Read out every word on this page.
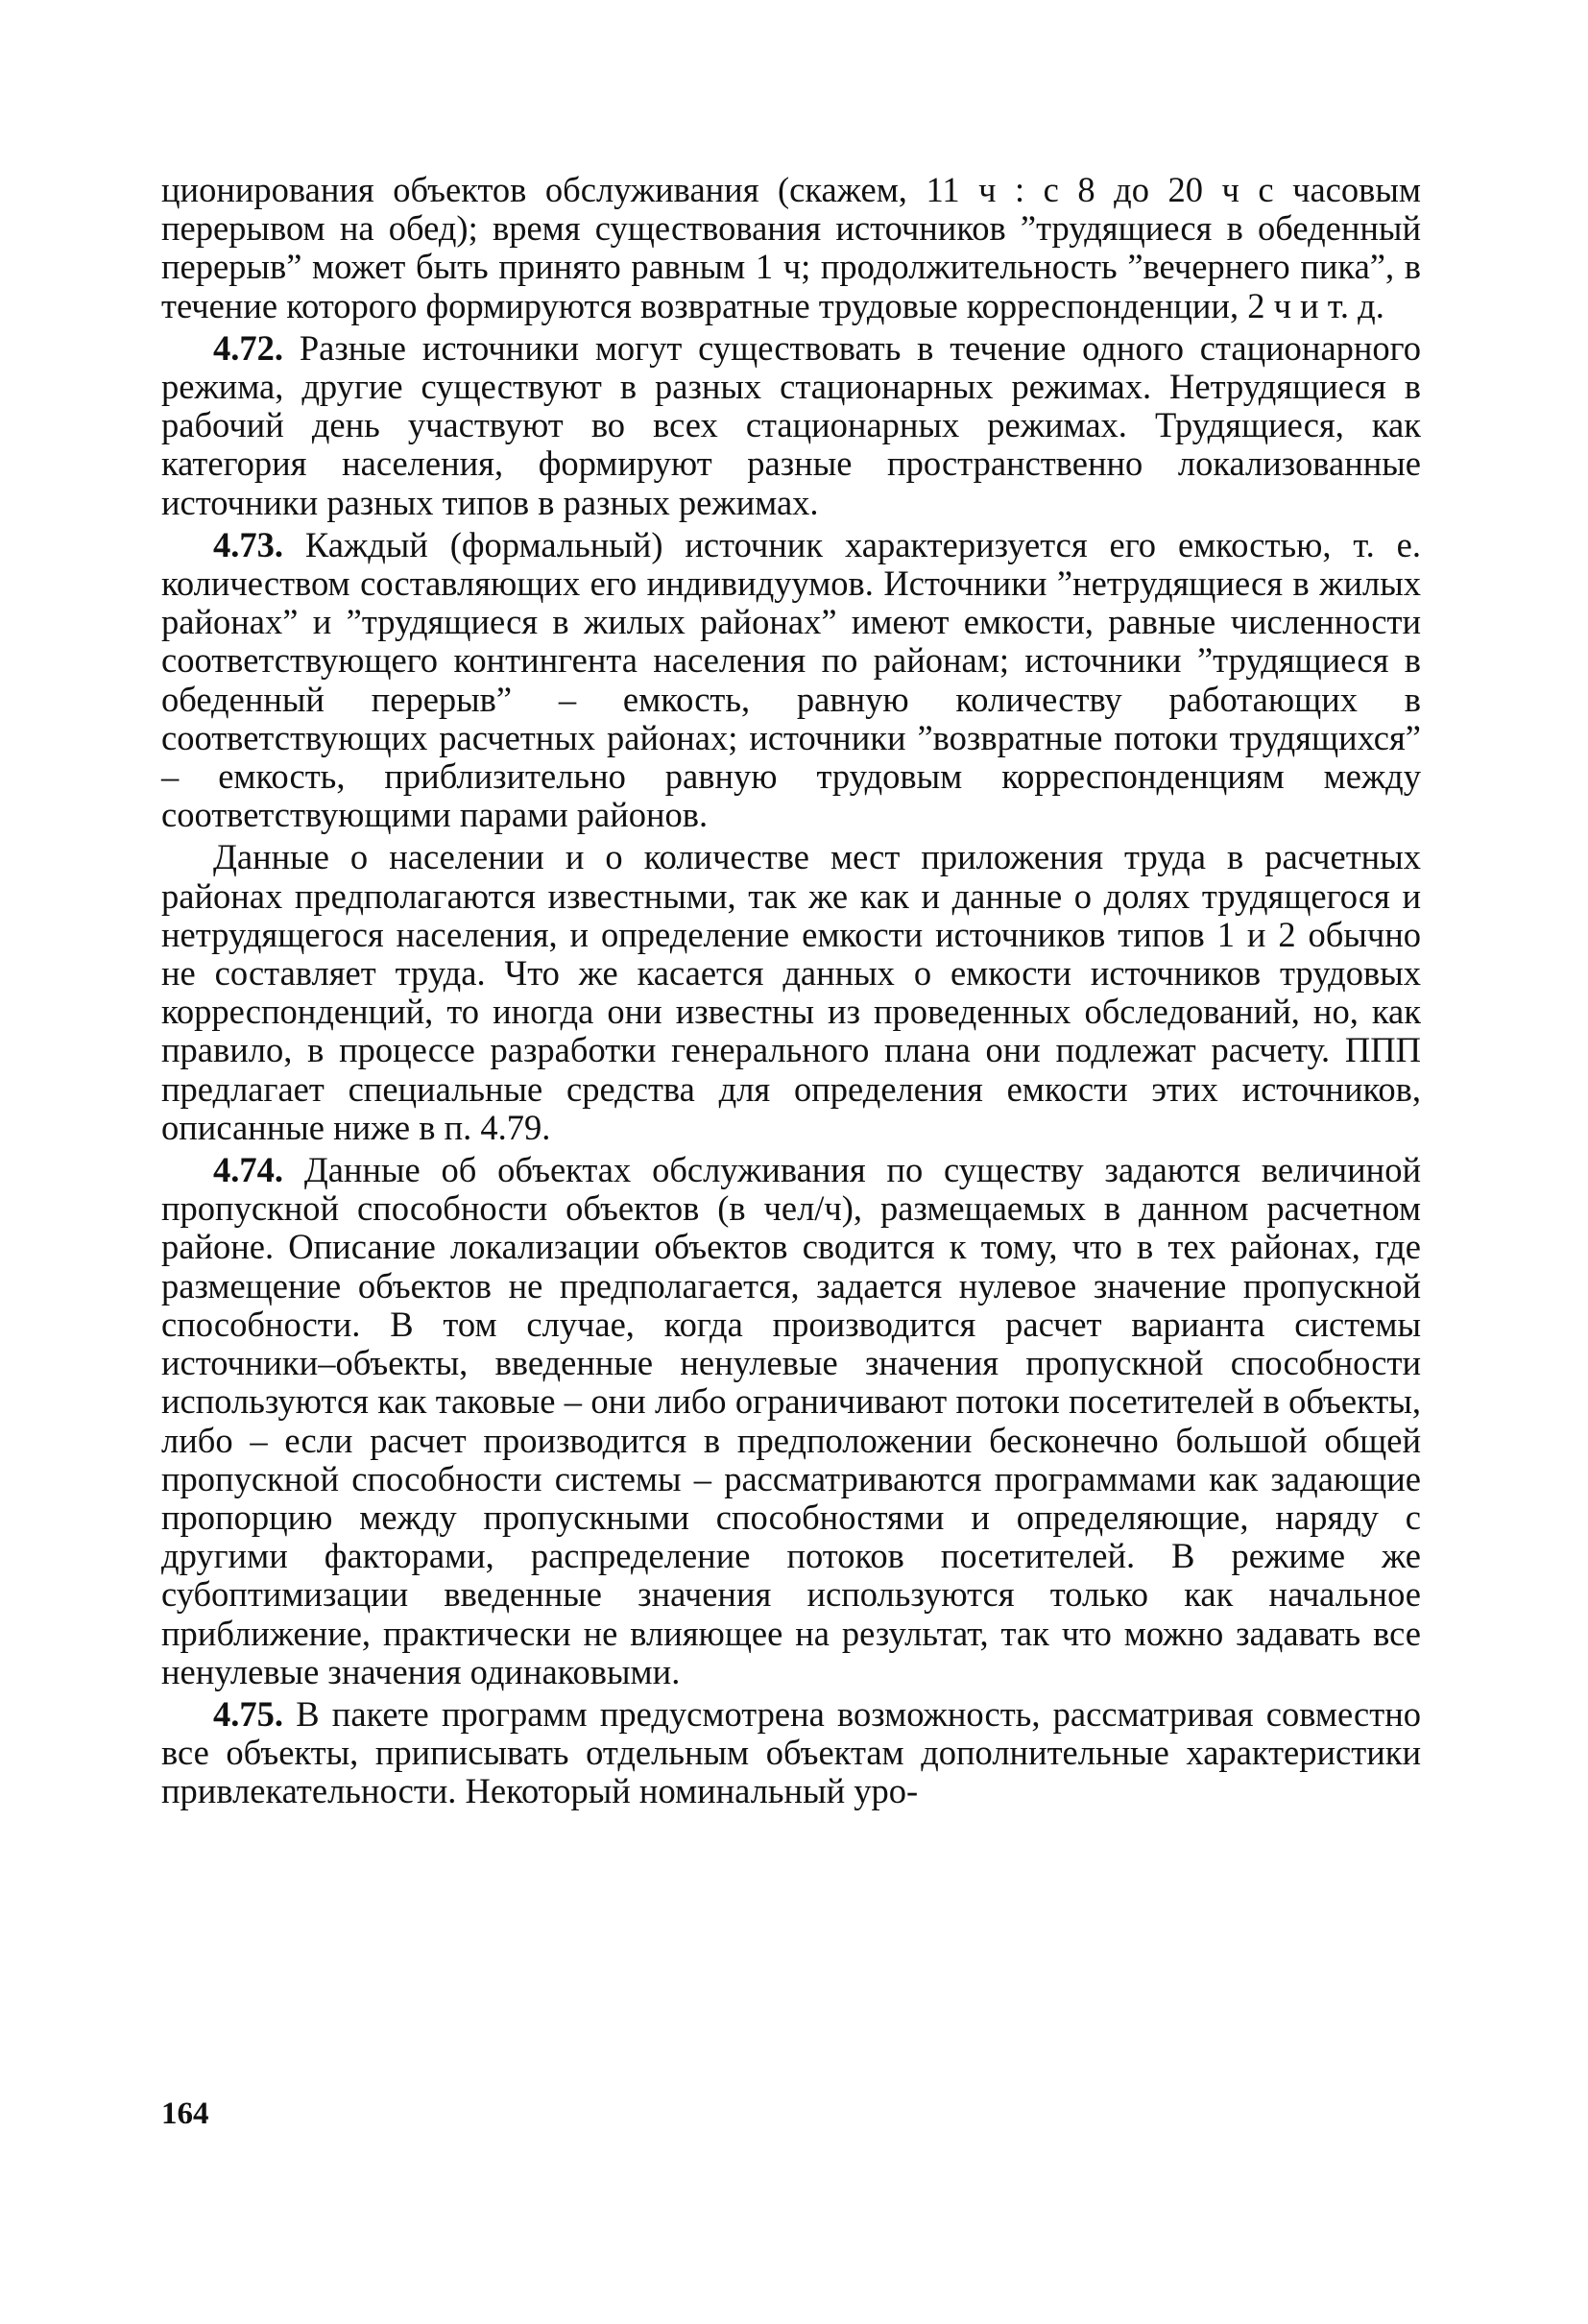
ционирования объектов обслуживания (скажем, 11 ч : с 8 до 20 ч с часовым перерывом на обед); время существования источников ”трудящиеся в обеденный перерыв” может быть принято равным 1 ч; продолжительность ”вечернего пика”, в течение которого формируются возвратные трудовые корреспонденции, 2 ч и т. д.

4.72. Разные источники могут существовать в течение одного стационарного режима, другие существуют в разных стационарных режимах. Нетрудящиеся в рабочий день участвуют во всех стационарных режимах. Трудящиеся, как категория населения, формируют разные пространственно локализованные источники разных типов в разных режимах.

4.73. Каждый (формальный) источник характеризуется его емкостью, т. е. количеством составляющих его индивидуумов. Источники ”нетрудящиеся в жилых районах” и ”трудящиеся в жилых районах” имеют емкости, равные численности соответствующего контингента населения по районам; источники ”трудящиеся в обеденный перерыв” – емкость, равную количеству работающих в соответствующих расчетных районах; источники ”возвратные потоки трудящихся” – емкость, приблизительно равную трудовым корреспонденциям между соответствующими парами районов.

Данные о населении и о количестве мест приложения труда в расчетных районах предполагаются известными, так же как и данные о долях трудящегося и нетрудящегося населения, и определение емкости источников типов 1 и 2 обычно не составляет труда. Что же касается данных о емкости источников трудовых корреспонденций, то иногда они известны из проведенных обследований, но, как правило, в процессе разработки генерального плана они подлежат расчету. ППП предлагает специальные средства для определения емкости этих источников, описанные ниже в п. 4.79.

4.74. Данные об объектах обслуживания по существу задаются величиной пропускной способности объектов (в чел/ч), размещаемых в данном расчетном районе. Описание локализации объектов сводится к тому, что в тех районах, где размещение объектов не предполагается, задается нулевое значение пропускной способности. В том случае, когда производится расчет варианта системы источники–объекты, введенные ненулевые значения пропускной способности используются как таковые – они либо ограничивают потоки посетителей в объекты, либо – если расчет производится в предположении бесконечно большой общей пропускной способности системы – рассматриваются программами как задающие пропорцию между пропускными способностями и определяющие, наряду с другими факторами, распределение потоков посетителей. В режиме же субоптимизации введенные значения используются только как начальное приближение, практически не влияющее на результат, так что можно задавать все ненулевые значения одинаковыми.

4.75. В пакете программ предусмотрена возможность, рассматривая совместно все объекты, приписывать отдельным объектам дополнительные характеристики привлекательности. Некоторый номинальный уро-

164
